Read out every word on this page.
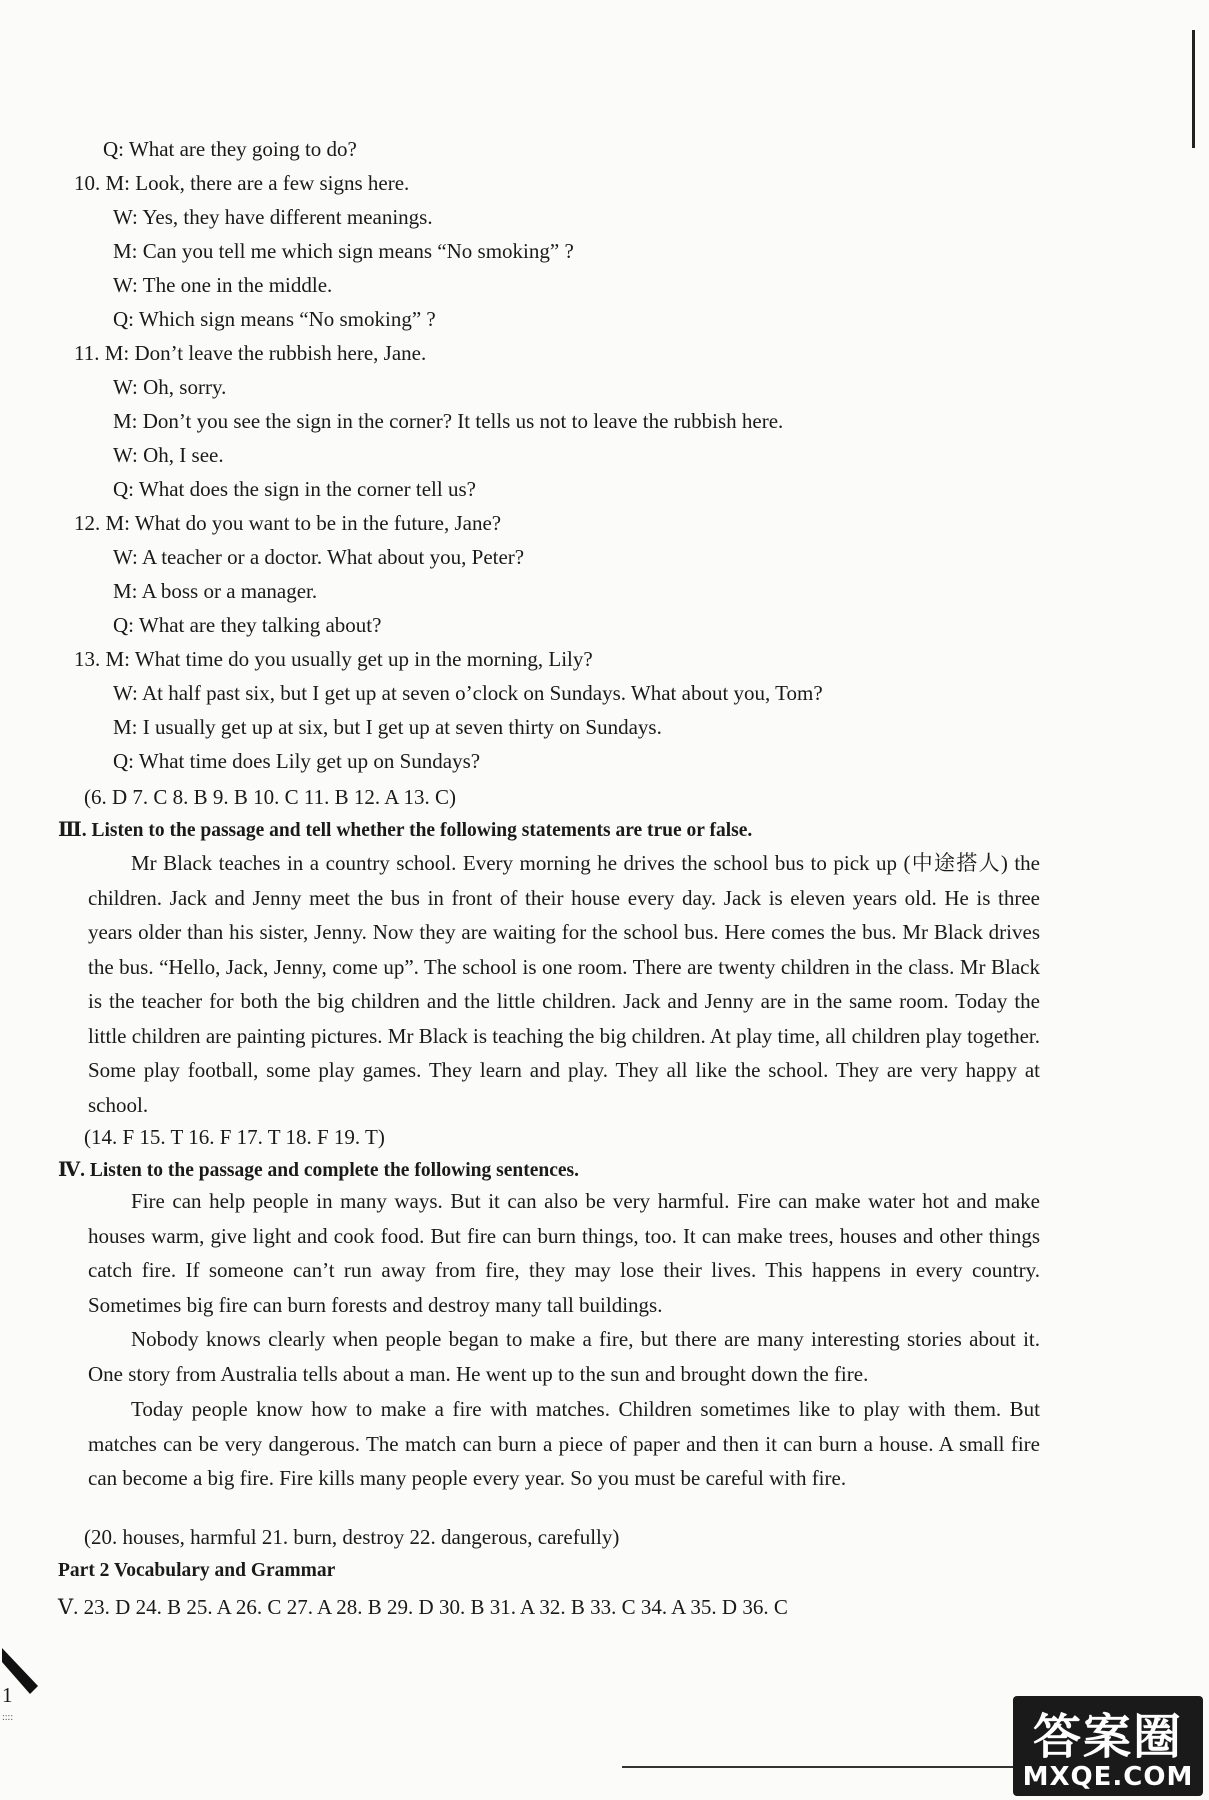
Q: What are they going to do?
10. M: Look, there are a few signs here.
W: Yes, they have different meanings.
M: Can you tell me which sign means “No smoking” ?
W: The one in the middle.
Q: Which sign means “No smoking” ?
11. M: Don’t leave the rubbish here, Jane.
W: Oh, sorry.
M: Don’t you see the sign in the corner? It tells us not to leave the rubbish here.
W: Oh, I see.
Q: What does the sign in the corner tell us?
12. M: What do you want to be in the future, Jane?
W: A teacher or a doctor. What about you, Peter?
M: A boss or a manager.
Q: What are they talking about?
13. M: What time do you usually get up in the morning, Lily?
W: At half past six, but I get up at seven o’clock on Sundays. What about you, Tom?
M: I usually get up at six, but I get up at seven thirty on Sundays.
Q: What time does Lily get up on Sundays?
(6. D 7. C 8. B 9. B 10. C 11. B 12. A 13. C)
Ⅲ. Listen to the passage and tell whether the following statements are true or false.
Mr Black teaches in a country school. Every morning he drives the school bus to pick up (中途搭人) the children. Jack and Jenny meet the bus in front of their house every day. Jack is eleven years old. He is three years older than his sister, Jenny. Now they are waiting for the school bus. Here comes the bus. Mr Black drives the bus. “Hello, Jack, Jenny, come up”. The school is one room. There are twenty children in the class. Mr Black is the teacher for both the big children and the little children. Jack and Jenny are in the same room. Today the little children are painting pictures. Mr Black is teaching the big children. At play time, all children play together. Some play football, some play games. They learn and play. They all like the school. They are very happy at school.
(14. F 15. T 16. F 17. T 18. F 19. T)
Ⅳ. Listen to the passage and complete the following sentences.
Fire can help people in many ways. But it can also be very harmful. Fire can make water hot and make houses warm, give light and cook food. But fire can burn things, too. It can make trees, houses and other things catch fire. If someone can’t run away from fire, they may lose their lives. This happens in every country. Sometimes big fire can burn forests and destroy many tall buildings.
Nobody knows clearly when people began to make a fire, but there are many interesting stories about it. One story from Australia tells about a man. He went up to the sun and brought down the fire.
Today people know how to make a fire with matches. Children sometimes like to play with them. But matches can be very dangerous. The match can burn a piece of paper and then it can burn a house. A small fire can become a big fire. Fire kills many people every year. So you must be careful with fire.
(20. houses, harmful 21. burn, destroy 22. dangerous, carefully)
Part 2 Vocabulary and Grammar
Ⅴ. 23. D 24. B 25. A 26. C 27. A 28. B 29. D 30. B 31. A 32. B 33. C 34. A 35. D 36. C
1
::::	答案圈
MXQE.COM
